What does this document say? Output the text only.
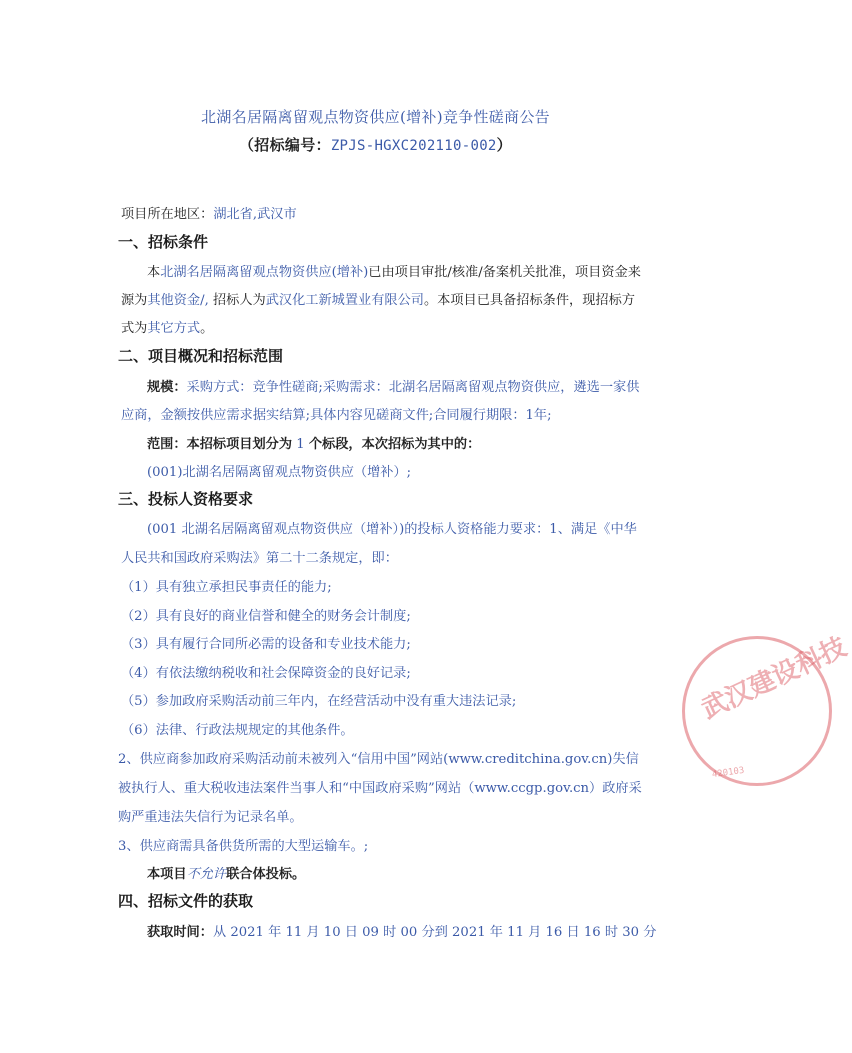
北湖名居隔离留观点物资供应(增补)竞争性磋商公告
（招标编号：ZPJS-HGXC202110-002）
项目所在地区：湖北省,武汉市
一、招标条件
本北湖名居隔离留观点物资供应(增补)已由项目审批/核准/备案机关批准，项目资金来
源为其他资金/, 招标人为武汉化工新城置业有限公司。本项目已具备招标条件，现招标方
式为其它方式。
二、项目概况和招标范围
规模：采购方式：竞争性磋商;采购需求：北湖名居隔离留观点物资供应，遴选一家供
应商，金额按供应需求据实结算;具体内容见磋商文件;合同履行期限：1年;
范围：本招标项目划分为 1 个标段，本次招标为其中的：
(001)北湖名居隔离留观点物资供应（增补）;
三、投标人资格要求
(001 北湖名居隔离留观点物资供应（增补）)的投标人资格能力要求：1、满足《中华
人民共和国政府采购法》第二十二条规定，即：
（1）具有独立承担民事责任的能力;
（2）具有良好的商业信誉和健全的财务会计制度;
（3）具有履行合同所必需的设备和专业技术能力;
（4）有依法缴纳税收和社会保障资金的良好记录;
（5）参加政府采购活动前三年内，在经营活动中没有重大违法记录;
（6）法律、行政法规规定的其他条件。
2、供应商参加政府采购活动前未被列入“信用中国”网站(www.creditchina.gov.cn)失信
被执行人、重大税收违法案件当事人和“中国政府采购”网站（www.ccgp.gov.cn）政府采
购严重违法失信行为记录名单。
3、供应商需具备供货所需的大型运输车。;
本项目不允许联合体投标。
四、招标文件的获取
获取时间：从 2021 年 11 月 10 日 09 时 00 分到 2021 年 11 月 16 日 16 时 30 分
武汉建设科技
420103
